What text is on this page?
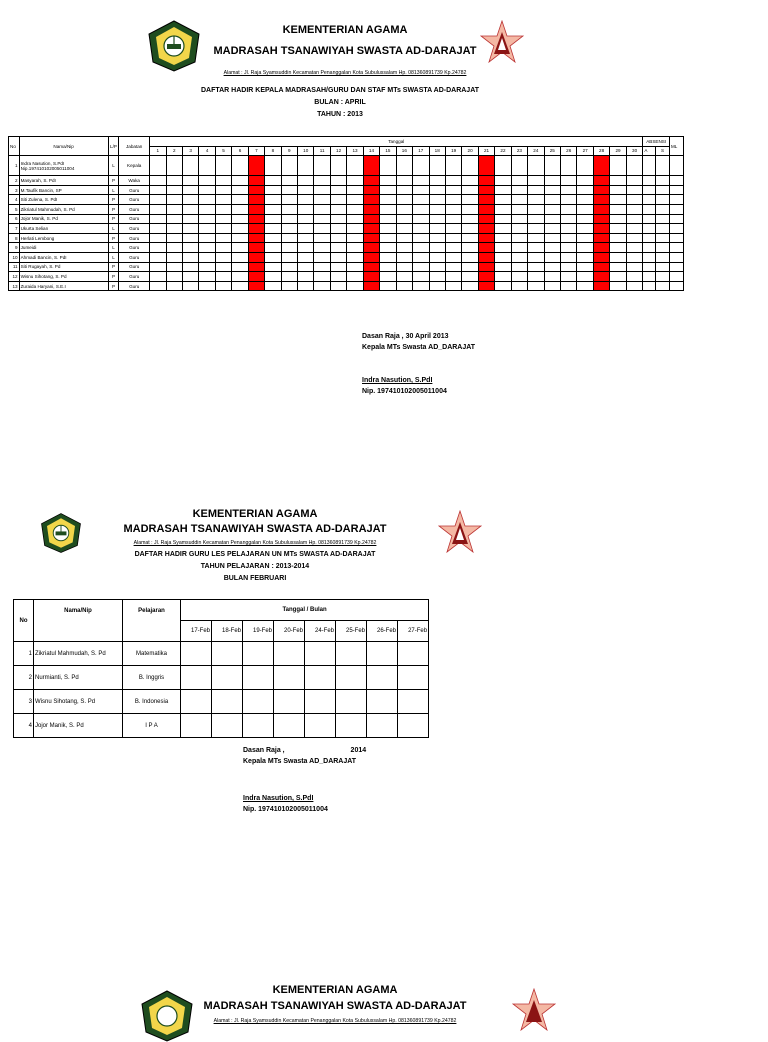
KEMENTERIAN AGAMA
MADRASAH TSANAWIYAH SWASTA AD-DARAJAT
Alamat : Jl. Raja Syamsuddin Kecamatan Penanggalan Kota Subulussalam Hp. 081360891739 Kp.24782
DAFTAR HADIR KEPALA MADRASAH/GURU DAN STAF MTs SWASTA AD-DARAJAT
BULAN : APRIL
TAHUN : 2013
No	Nama/Nip	L/P	Jabatan	Tanggal																														ABSENSI		ML
				1	2	3	4	5	6	7	8	9	10	11	12	13	14	15	16	17	18	19	20	21	22	23	24	25	26	27	28	29	30	A	S	
1	Indra Nasution, S.PdI
Nip.197410102005011004	L	Kepala																																	
2	Masyarah, S. PdI	P	Waka																																	
3	M.Taufik Bancin, SP	L	Guru																																	
4	Siti Zulena, S. PdI	P	Guru																																	
5	Zikriatul Mahmudah, S. Pd	P	Guru																																	
6	Jojor Manik, S. Pd	P	Guru																																	
7	Ukurta Selian	L	Guru																																	
8	Herlati Lembong	P	Guru																																	
9	Jumeidi	L	Guru																																	
10	Ahmadi Bancin, S. PdI	L	Guru																																	
11	Siti Rugayah, S. Pd	P	Guru																																	
12	Wisnu Sihotang, S. Pd	P	Guru																																	
13	Zuraida Haryani, S.E.I	P	Guru																																	
Dasan Raja , 30 April 2013
Kepala MTs Swasta AD_DARAJAT
Indra Nasution, S.PdI
Nip. 197410102005011004
KEMENTERIAN AGAMA
MADRASAH TSANAWIYAH SWASTA AD-DARAJAT
Alamat : Jl. Raja Syamsuddin Kecamatan Penanggalan Kota Subulussalam Hp. 081360891739 Kp.24782
DAFTAR HADIR GURU LES PELAJARAN UN MTs SWASTA AD-DARAJAT
TAHUN PELAJARAN : 2013-2014
BULAN FEBRUARI
No	Nama/Nip	Pelajaran	Tanggal / Bulan							
			17-Feb	18-Feb	19-Feb	20-Feb	24-Feb	25-Feb	26-Feb	27-Feb
1	Zikriatul Mahmudah, S. Pd	Matematika								
2	Nurmianti, S. Pd	B. Inggris								
3	Wisnu Sihotang, S. Pd	B. Indonesia								
4	Jojor Manik, S. Pd	I P A								
Dasan Raja ,	2014
Kepala MTs Swasta AD_DARAJAT
Indra Nasution, S.PdI
Nip. 197410102005011004
KEMENTERIAN AGAMA
MADRASAH TSANAWIYAH SWASTA AD-DARAJAT
Alamat : Jl. Raja Syamsuddin Kecamatan Penanggalan Kota Subulussalam Hp. 081360891739 Kp.24782
